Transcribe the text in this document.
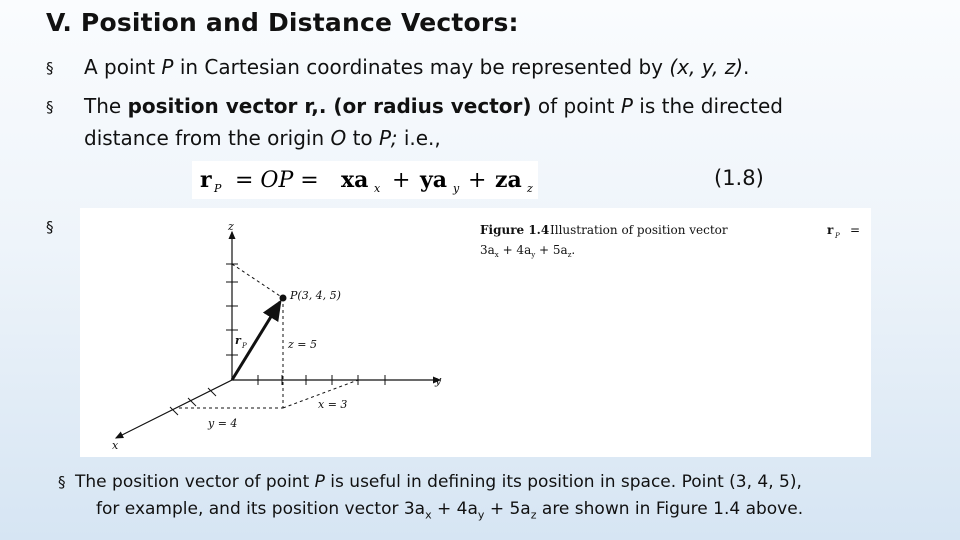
V. Position and Distance Vectors:
§ A point P in Cartesian coordinates may be represented by (x, y, z).
§ The position vector r,. (or radius vector) of point P is the directed
distance from the origin O to P; i.e.,
r P = OP = xa x + ya y + za z	(1.8)
§	z
y
x
P(3, 4, 5)
r P	z = 5
x = 3
y = 4
Figure 1.4 Illustration of position vector	r P =
$3a_x + 4a_y + 5a_z$.
§ The position vector of point P is useful in defining its position in space. Point (3, 4, 5),
for example, and its position vector $3a_x + 4a_y + 5a_z$ are shown in Figure 1.4 above.
